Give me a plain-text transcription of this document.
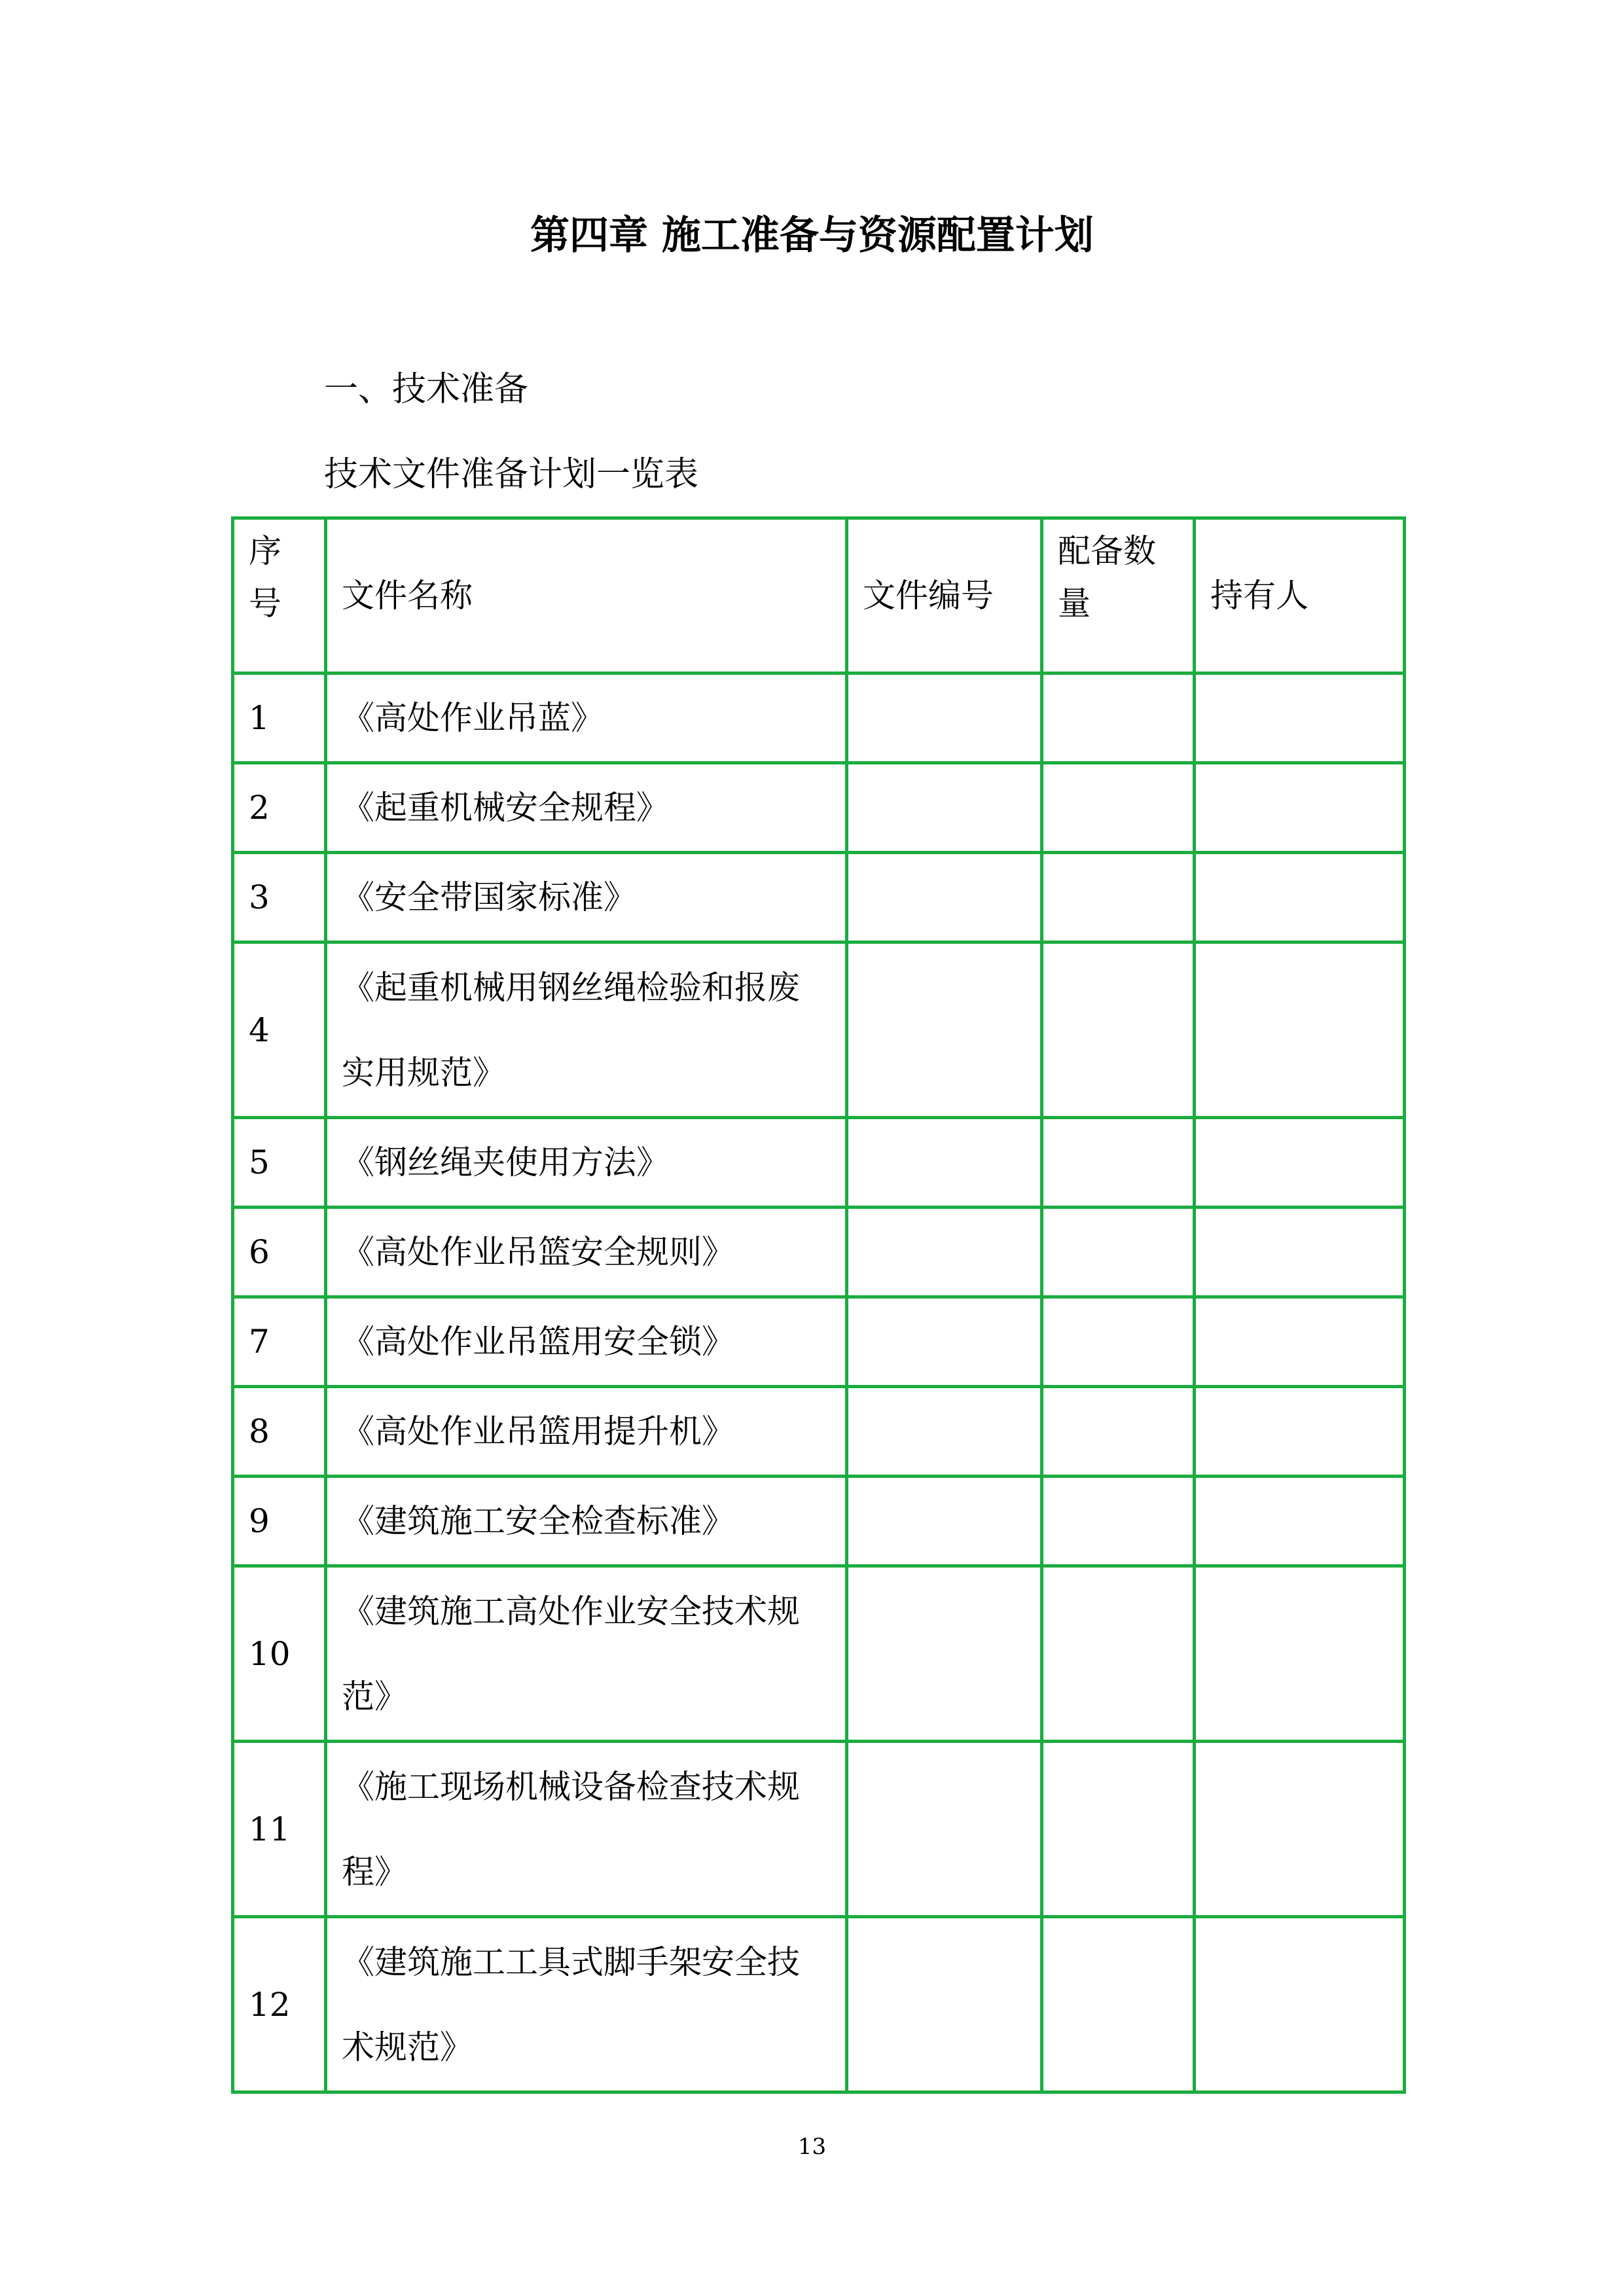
第四章 施工准备与资源配置计划
一、技术准备
技术文件准备计划一览表
序号	文件名称	文件编号	配备数量	持有人
1	《高处作业吊蓝》			
2	《起重机械安全规程》			
3	《安全带国家标准》			
4	《起重机械用钢丝绳检验和报废实用规范》			
5	《钢丝绳夹使用方法》			
6	《高处作业吊篮安全规则》			
7	《高处作业吊篮用安全锁》			
8	《高处作业吊篮用提升机》			
9	《建筑施工安全检查标准》			
10	《建筑施工高处作业安全技术规范》			
11	《施工现场机械设备检查技术规程》			
12	《建筑施工工具式脚手架安全技术规范》			
13
